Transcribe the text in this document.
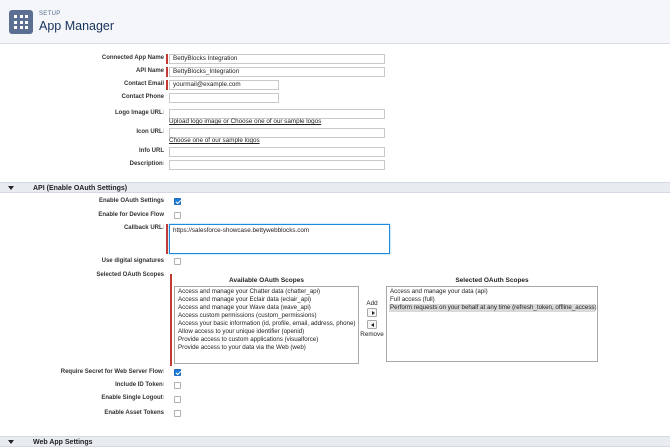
SETUP
App Manager
Connected App Name	BettyBlocks Integration
API Name	BettyBlocks_Integration
Contact Email	yourmail@example.com
Contact Phone
Logo Image URLi
Upload logo image or Choose one of our sample logos
Icon URLi
Choose one of our sample logos
Info URL
Descriptioni
API (Enable OAuth Settings)
Enable OAuth Settings
Enable for Device Flow
Callback URLi	https://salesforce-showcase.bettywebblocks.com
Use digital signatures
Selected OAuth Scopes
Available OAuth Scopes
Access and manage your Chatter data (chatter_api)
Access and manage your Eclair data (eclair_api)
Access and manage your Wave data (wave_api)
Access custom permissions (custom_permissions)
Access your basic information (id, profile, email, address, phone)
Allow access to your unique identifier (openid)
Provide access to custom applications (visualforce)
Provide access to your data via the Web (web)
Add
Remove
Selected OAuth Scopes
Access and manage your data (api)
Full access (full)
Perform requests on your behalf at any time (refresh_token, offline_access)
Require Secret for Web Server Flowi
Include ID Tokeni
Enable Single Logouti
Enable Asset Tokens
Web App Settings
